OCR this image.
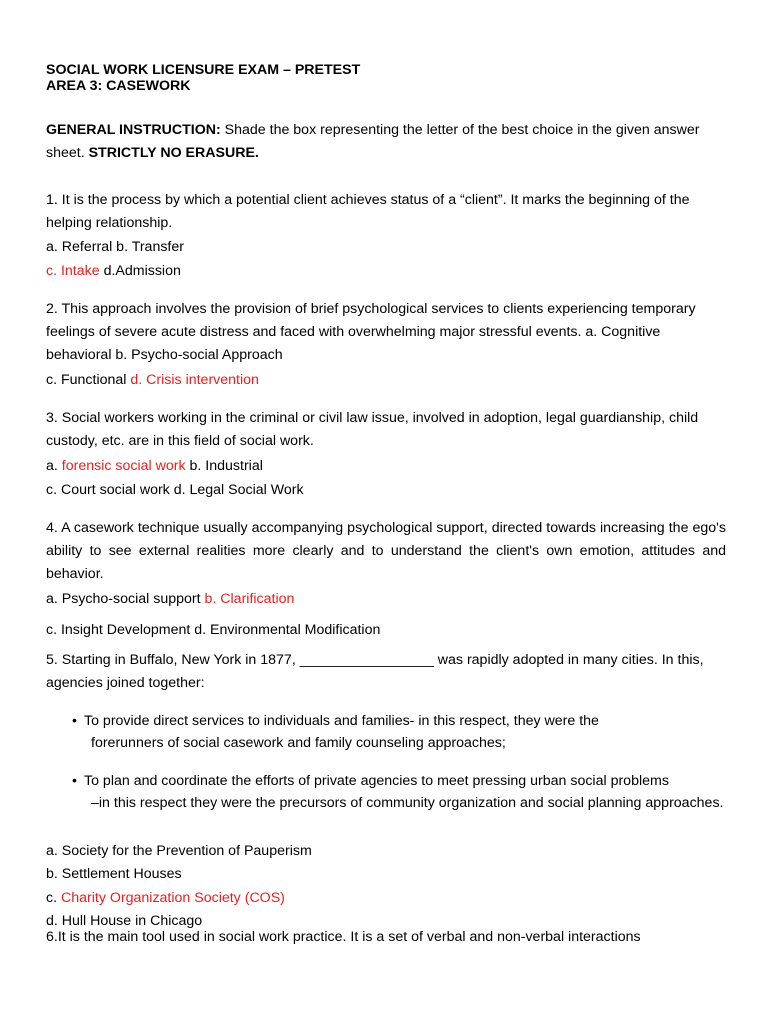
SOCIAL WORK LICENSURE EXAM – PRETEST
AREA 3: CASEWORK

GENERAL INSTRUCTION: Shade the box representing the letter of the best choice in the given answer sheet. STRICTLY NO ERASURE.

1. It is the process by which a potential client achieves status of a “client”. It marks the beginning of the helping relationship.

a. Referral b. Transfer

c. Intake d.Admission

2. This approach involves the provision of brief psychological services to clients experiencing temporary feelings of severe acute distress and faced with overwhelming major stressful events. a. Cognitive behavioral b. Psycho-social Approach

c. Functional d. Crisis intervention

3. Social workers working in the criminal or civil law issue, involved in adoption, legal guardianship, child custody, etc. are in this field of social work.

a. forensic social work b. Industrial

c. Court social work d. Legal Social Work

4. A casework technique usually accompanying psychological support, directed towards increasing the ego's ability to see external realities more clearly and to understand the client's own emotion, attitudes and behavior.

a. Psycho-social support b. Clarification

c. Insight Development d. Environmental Modification

5. Starting in Buffalo, New York in 1877, _________________ was rapidly adopted in many cities. In this, agencies joined together:

• To provide direct services to individuals and families- in this respect, they were the
forerunners of social casework and family counseling approaches;
• To plan and coordinate the efforts of private agencies to meet pressing urban social problems
–in this respect they were the precursors of community organization and social planning approaches.

a. Society for the Prevention of Pauperism

b. Settlement Houses

c. Charity Organization Society (COS)

d. Hull House in Chicago

6.It is the main tool used in social work practice. It is a set of verbal and non-verbal interactions
